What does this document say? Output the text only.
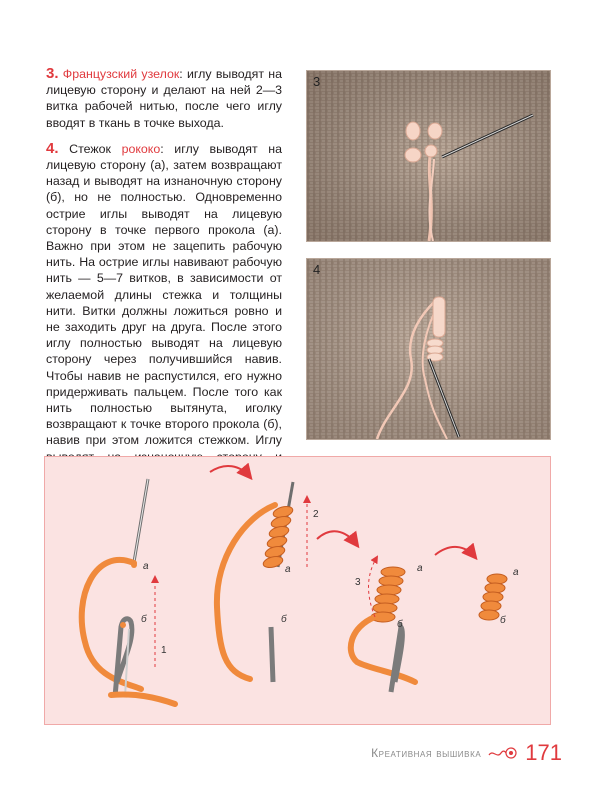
3. Французский узелок: иглу выводят на лицевую сторону и делают на ней 2—3 витка рабочей нитью, после чего иглу вводят в ткань в точке выхода.

4. Стежок рококо: иглу выводят на лицевую сторону (а), затем возвращают назад и выводят на изнаночную сторону (б), но не полностью. Одновременно острие иглы выводят на лицевую сторону в точке первого прокола (а). Важно при этом не зацепить рабочую нить. На острие иглы навивают рабочую нить — 5—7 витков, в зависимости от желаемой длины стежка и толщины нити. Витки должны ложиться ровно и не заходить друг на друга. После этого иглу полностью выводят на лицевую сторону через получившийся навив. Чтобы навив не распустился, его нужно придерживать пальцем. После того как нить полностью вытянута, иголку возвращают к точке второго прокола (б), навив при этом ложится стежком. Иглу

3
4
а
б
а
б
а
б
а
б
1
2
3
Креативная вышивка 171
